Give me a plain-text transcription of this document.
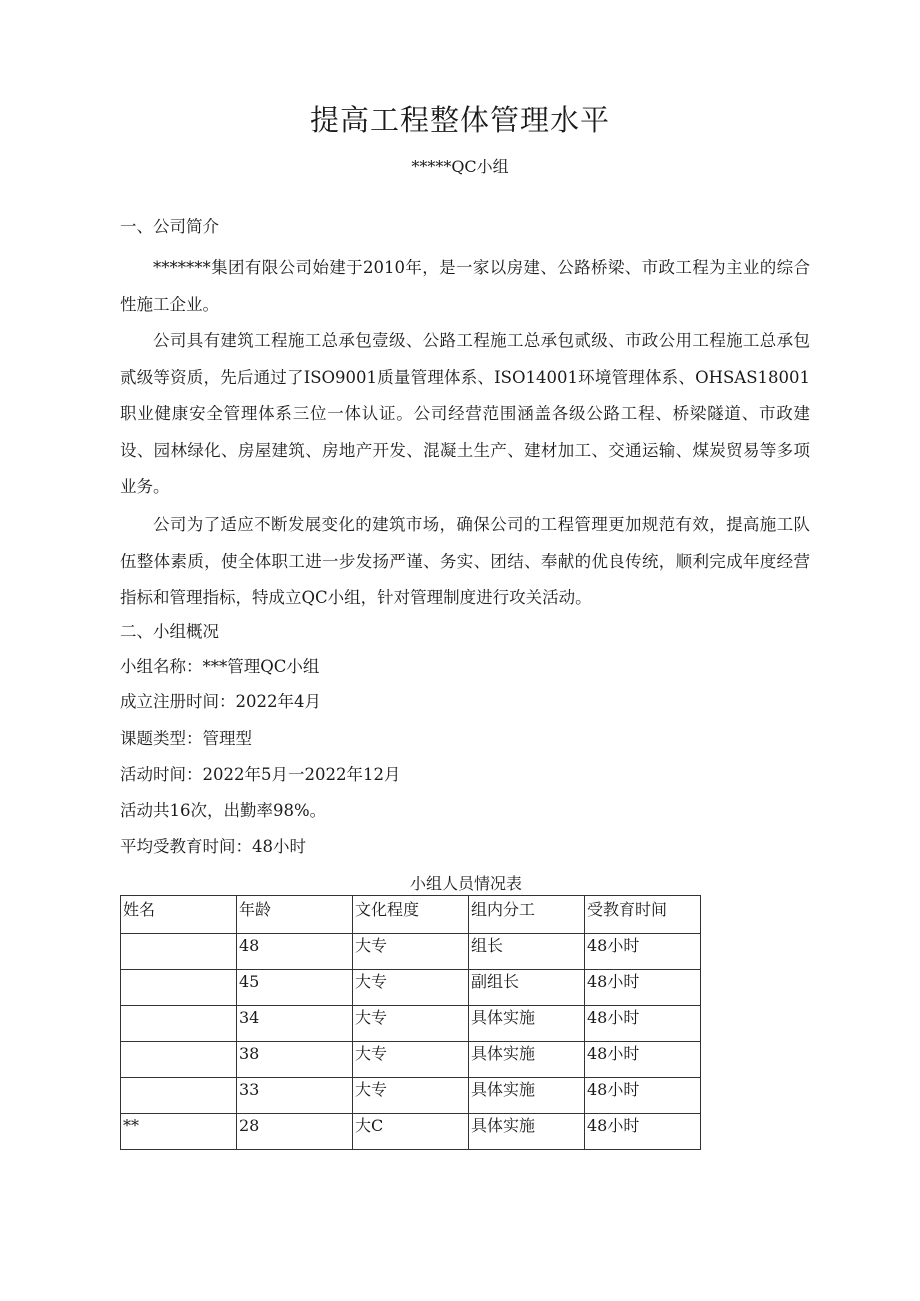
提高工程整体管理水平
*****QC小组
一、公司简介

*******集团有限公司始建于2010年，是一家以房建、公路桥梁、市政工程为主业的综合性施工企业。

公司具有建筑工程施工总承包壹级、公路工程施工总承包贰级、市政公用工程施工总承包贰级等资质，先后通过了ISO9001质量管理体系、ISO14001环境管理体系、OHSAS18001职业健康安全管理体系三位一体认证。公司经营范围涵盖各级公路工程、桥梁隧道、市政建设、园林绿化、房屋建筑、房地产开发、混凝土生产、建材加工、交通运输、煤炭贸易等多项业务。

公司为了适应不断发展变化的建筑市场，确保公司的工程管理更加规范有效，提高施工队伍整体素质，使全体职工进一步发扬严谨、务实、团结、奉献的优良传统，顺利完成年度经营指标和管理指标，特成立QC小组，针对管理制度进行攻关活动。

二、小组概况
小组名称：***管理QC小组
成立注册时间：2022年4月
课题类型：管理型
活动时间：2022年5月一2022年12月
活动共16次，出勤率98%。
平均受教育时间：48小时
小组人员情况表
姓名	年龄	文化程度	组内分工	受教育时间
	48	大专	组长	48小时
	45	大专	副组长	48小时
	34	大专	具体实施	48小时
	38	大专	具体实施	48小时
	33	大专	具体实施	48小时
**	28	大C	具体实施	48小时
